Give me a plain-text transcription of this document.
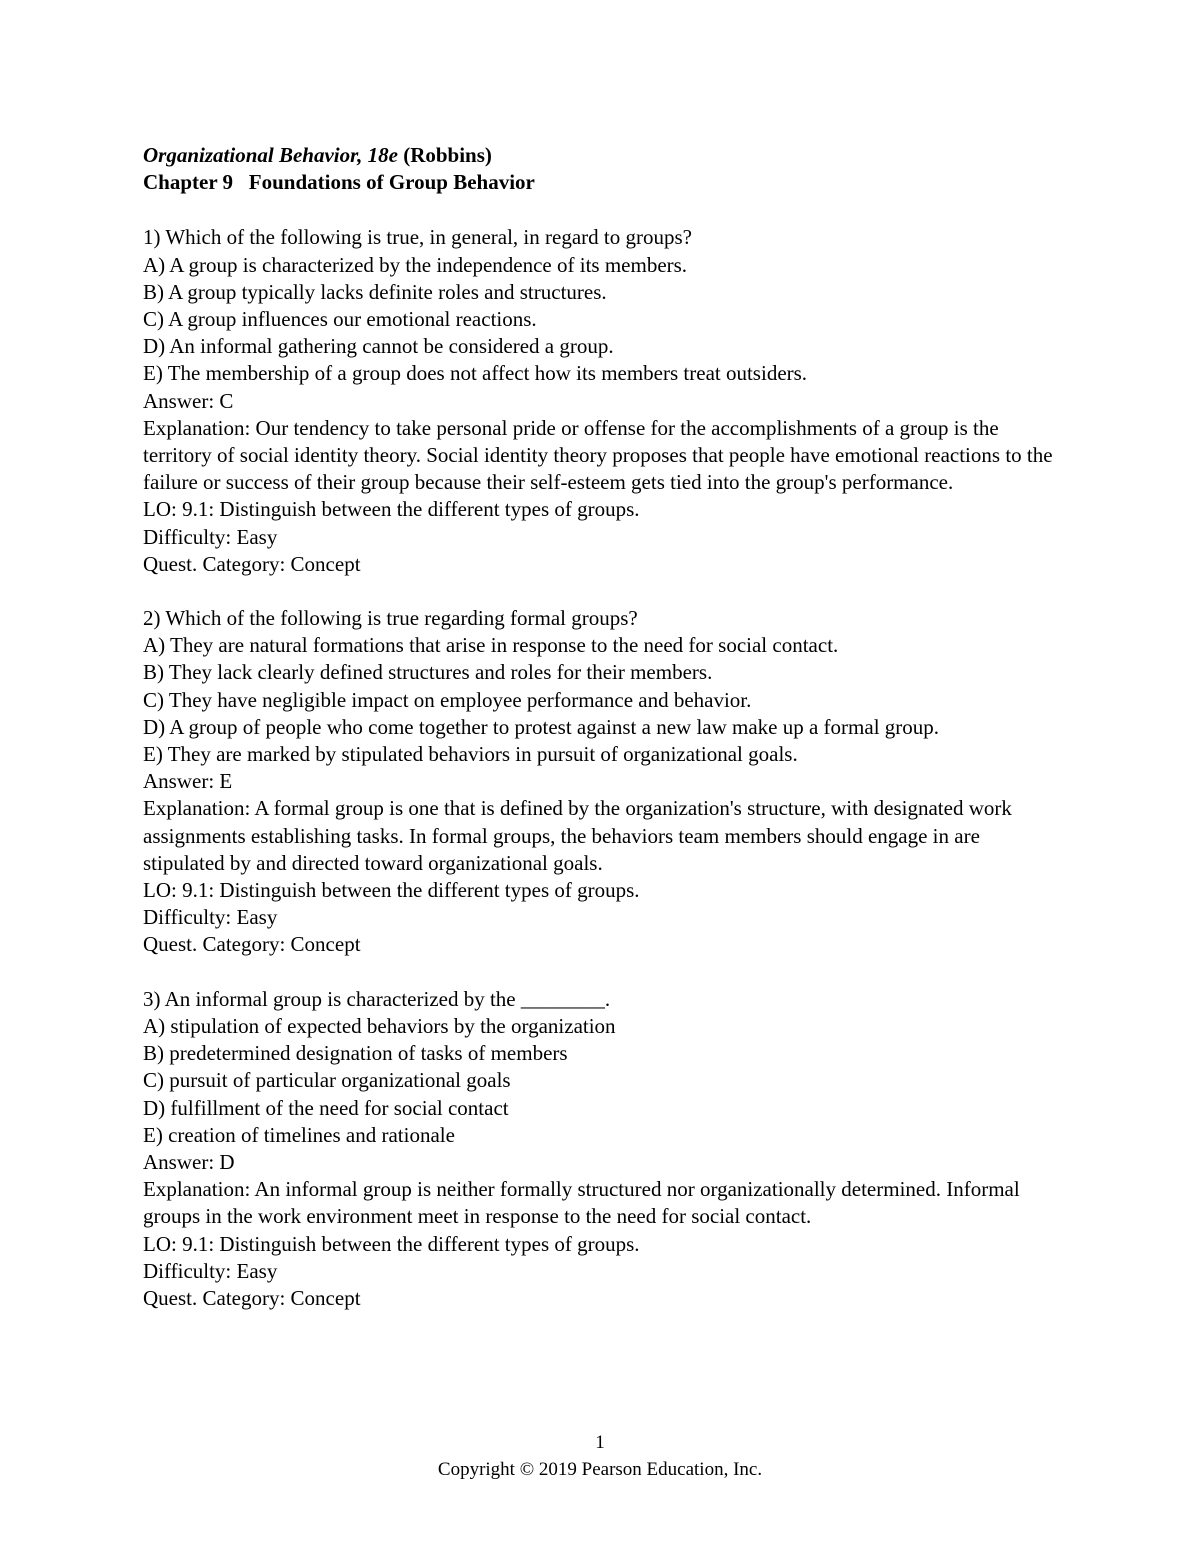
Organizational Behavior, 18e (Robbins)

Chapter 9 Foundations of Group Behavior

1) Which of the following is true, in general, in regard to groups?

A) A group is characterized by the independence of its members.

B) A group typically lacks definite roles and structures.

C) A group influences our emotional reactions.

D) An informal gathering cannot be considered a group.

E) The membership of a group does not affect how its members treat outsiders.

Answer: C

Explanation: Our tendency to take personal pride or offense for the accomplishments of a group is the territory of social identity theory. Social identity theory proposes that people have emotional reactions to the failure or success of their group because their self-esteem gets tied into the group's performance.

LO: 9.1: Distinguish between the different types of groups.

Difficulty: Easy

Quest. Category: Concept

2) Which of the following is true regarding formal groups?

A) They are natural formations that arise in response to the need for social contact.

B) They lack clearly defined structures and roles for their members.

C) They have negligible impact on employee performance and behavior.

D) A group of people who come together to protest against a new law make up a formal group.

E) They are marked by stipulated behaviors in pursuit of organizational goals.

Answer: E

Explanation: A formal group is one that is defined by the organization's structure, with designated work assignments establishing tasks. In formal groups, the behaviors team members should engage in are stipulated by and directed toward organizational goals.

LO: 9.1: Distinguish between the different types of groups.

Difficulty: Easy

Quest. Category: Concept

3) An informal group is characterized by the ________.

A) stipulation of expected behaviors by the organization

B) predetermined designation of tasks of members

C) pursuit of particular organizational goals

D) fulfillment of the need for social contact

E) creation of timelines and rationale

Answer: D

Explanation: An informal group is neither formally structured nor organizationally determined. Informal groups in the work environment meet in response to the need for social contact.

LO: 9.1: Distinguish between the different types of groups.

Difficulty: Easy

Quest. Category: Concept

1
Copyright © 2019 Pearson Education, Inc.
